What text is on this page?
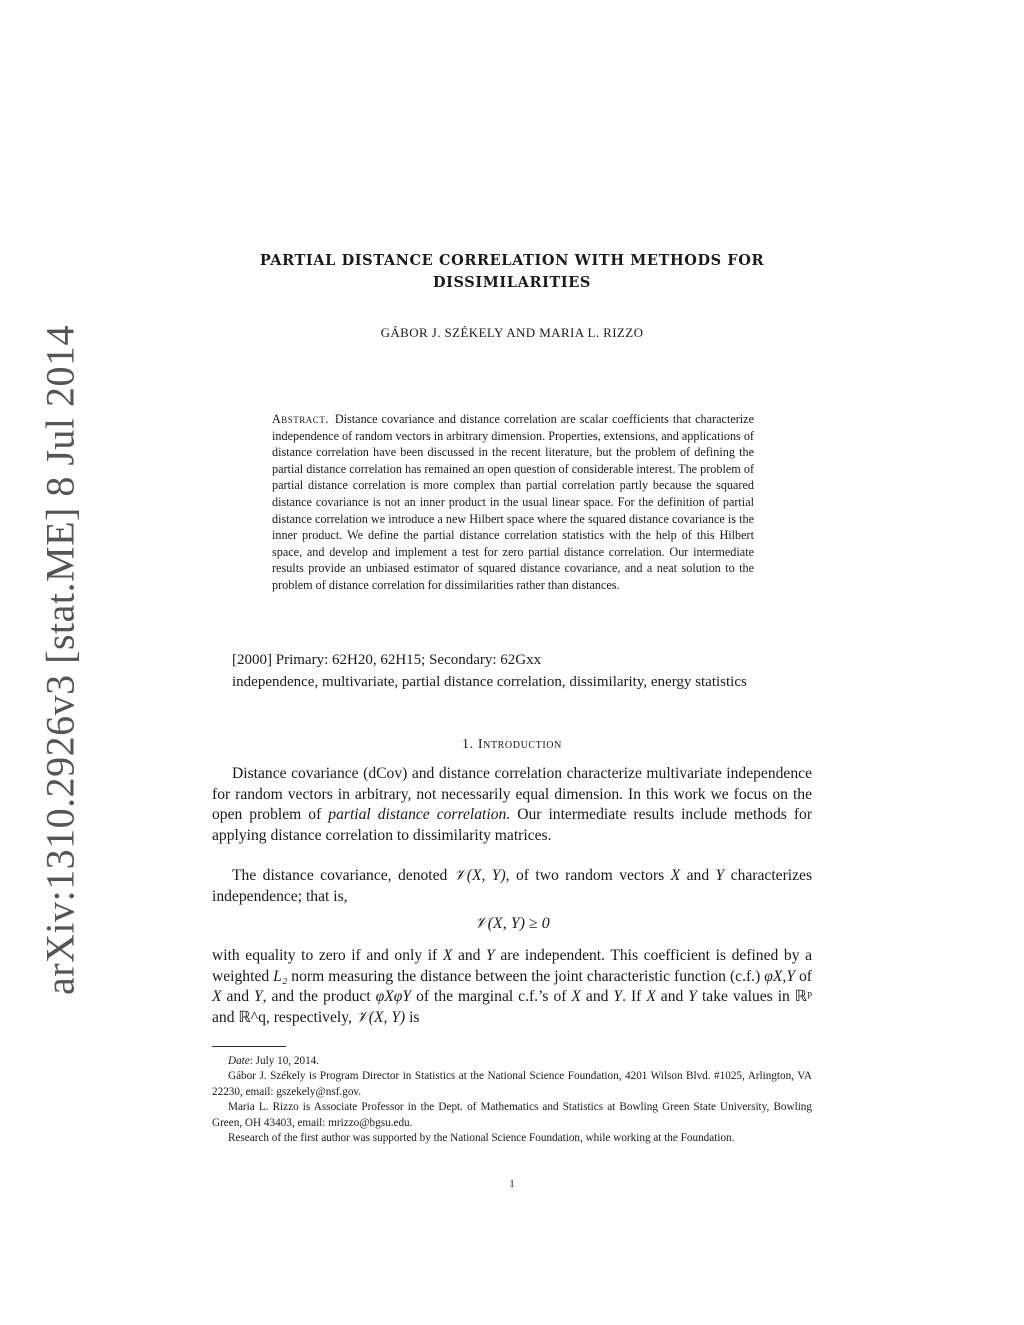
arXiv:1310.2926v3 [stat.ME] 8 Jul 2014
PARTIAL DISTANCE CORRELATION WITH METHODS FOR
DISSIMILARITIES
GÁBOR J. SZÉKELY AND MARIA L. RIZZO
Abstract. Distance covariance and distance correlation are scalar coefficients that characterize independence of random vectors in arbitrary dimension. Properties, extensions, and applications of distance correlation have been discussed in the recent literature, but the problem of defining the partial distance correlation has remained an open question of considerable interest. The problem of partial distance correlation is more complex than partial correlation partly because the squared distance covariance is not an inner product in the usual linear space. For the definition of partial distance correlation we introduce a new Hilbert space where the squared distance covariance is the inner product. We define the partial distance correlation statistics with the help of this Hilbert space, and develop and implement a test for zero partial distance correlation. Our intermediate results provide an unbiased estimator of squared distance covariance, and a neat solution to the problem of distance correlation for dissimilarities rather than distances.
[2000] Primary: 62H20, 62H15; Secondary: 62Gxx
independence, multivariate, partial distance correlation, dissimilarity, energy statistics
1. Introduction
Distance covariance (dCov) and distance correlation characterize multivariate independence for random vectors in arbitrary, not necessarily equal dimension. In this work we focus on the open problem of partial distance correlation. Our intermediate results include methods for applying distance correlation to dissimilarity matrices.
The distance covariance, denoted 𝒱(X, Y), of two random vectors X and Y characterizes independence; that is,
𝒱(X, Y) ≥ 0
with equality to zero if and only if X and Y are independent. This coefficient is defined by a weighted L₂ norm measuring the distance between the joint characteristic function (c.f.) φX,Y of X and Y, and the product φXφY of the marginal c.f.’s of X and Y. If X and Y take values in ℝᵖ and ℝ^q, respectively, 𝒱(X, Y) is

Date: July 10, 2014.

Gábor J. Székely is Program Director in Statistics at the National Science Foundation, 4201 Wilson Blvd. #1025, Arlington, VA 22230, email: gszekely@nsf.gov.

Maria L. Rizzo is Associate Professor in the Dept. of Mathematics and Statistics at Bowling Green State University, Bowling Green, OH 43403, email: mrizzo@bgsu.edu.

Research of the first author was supported by the National Science Foundation, while working at the Foundation.

1
